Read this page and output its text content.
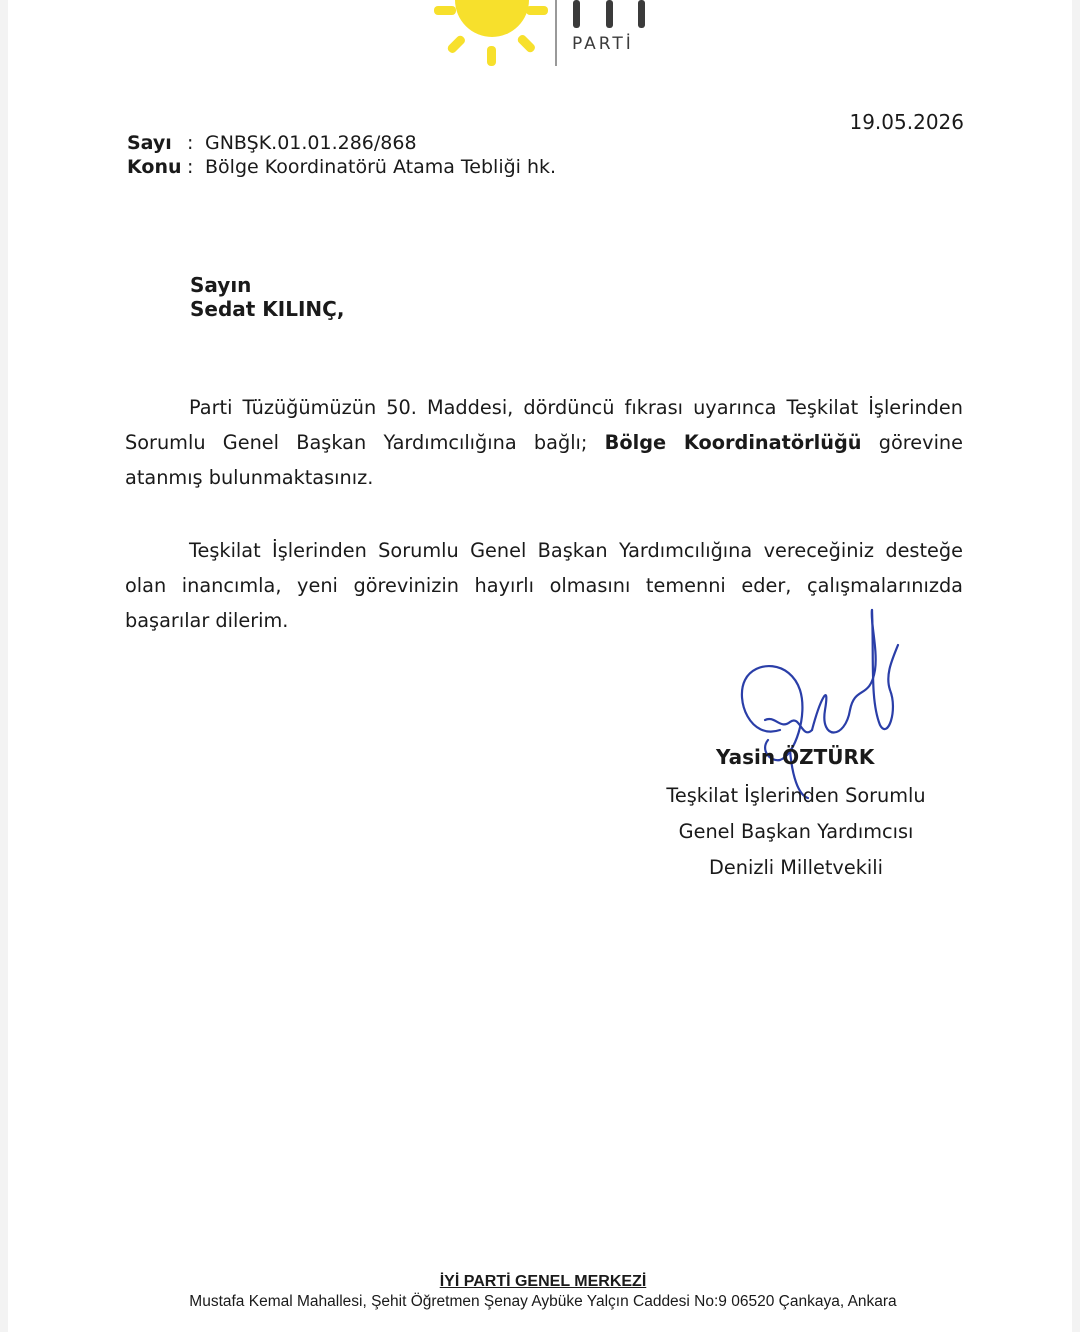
PARTİ
19.05.2026
Sayı : GNBŞK.01.01.286/868
Konu : Bölge Koordinatörü Atama Tebliği hk.
Sayın
Sedat KILINÇ,

Parti Tüzüğümüzün 50. Maddesi, dördüncü fıkrası uyarınca Teşkilat İşlerinden Sorumlu Genel Başkan Yardımcılığına bağlı; Bölge Koordinatörlüğü görevine atanmış bulunmaktasınız.

Teşkilat İşlerinden Sorumlu Genel Başkan Yardımcılığına vereceğiniz desteğe olan inancımla, yeni görevinizin hayırlı olmasını temenni eder, çalışmalarınızda başarılar dilerim.

Yasin ÖZTÜRK
Teşkilat İşlerinden Sorumlu
Genel Başkan Yardımcısı
Denizli Milletvekili
İYİ PARTİ GENEL MERKEZİ
Mustafa Kemal Mahallesi, Şehit Öğretmen Şenay Aybüke Yalçın Caddesi No:9 06520 Çankaya, Ankara
